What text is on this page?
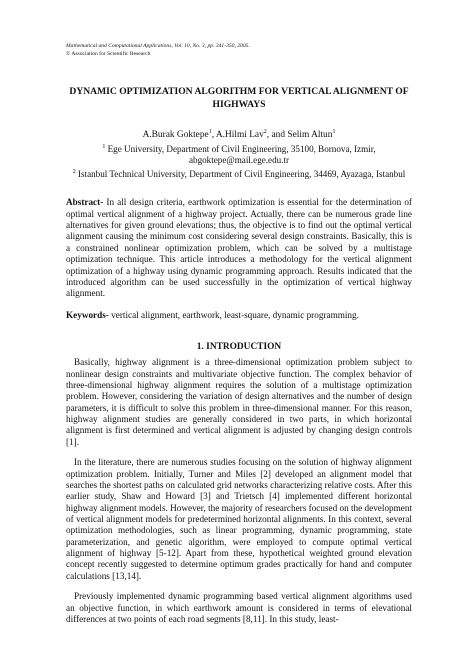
Mathematical and Computational Applications, Vol. 10, No. 3, pp. 341-350, 2005.
© Association for Scientific Research
DYNAMIC OPTIMIZATION ALGORITHM FOR VERTICAL ALIGNMENT OF HIGHWAYS
A.Burak Goktepe$^1$, A.Hilmi Lav$^2$, and Selim Altun$^1$
$^1$ Ege University, Department of Civil Engineering, 35100, Bornova, Izmir, abgoktepe@mail.ege.edu.tr
$^2$ Istanbul Technical University, Department of Civil Engineering, 34469, Ayazaga, Istanbul
Abstract- In all design criteria, earthwork optimization is essential for the determination of optimal vertical alignment of a highway project. Actually, there can be numerous grade line alternatives for given ground elevations; thus, the objective is to find out the optimal vertical alignment causing the minimum cost considering several design constraints. Basically, this is a constrained nonlinear optimization problem, which can be solved by a multistage optimization technique. This article introduces a methodology for the vertical alignment optimization of a highway using dynamic programming approach. Results indicated that the introduced algorithm can be used successfully in the optimization of vertical highway alignment.
Keywords- vertical alignment, earthwork, least-square, dynamic programming.
1. INTRODUCTION

Basically, highway alignment is a three-dimensional optimization problem subject to nonlinear design constraints and multivariate objective function. The complex behavior of three-dimensional highway alignment requires the solution of a multistage optimization problem. However, considering the variation of design alternatives and the number of design parameters, it is difficult to solve this problem in three-dimensional manner. For this reason, highway alignment studies are generally considered in two parts, in which horizontal alignment is first determined and vertical alignment is adjusted by changing design controls [1].

In the literature, there are numerous studies focusing on the solution of highway alignment optimization problem. Initially, Turner and Miles [2] developed an alignment model that searches the shortest paths on calculated grid networks characterizing relative costs. After this earlier study, Shaw and Howard [3] and Trietsch [4] implemented different horizontal highway alignment models. However, the majority of researchers focused on the development of vertical alignment models for predetermined horizontal alignments. In this context, several optimization methodologies, such as linear programming, dynamic programming, state parameterization, and genetic algorithm, were employed to compute optimal vertical alignment of highway [5-12]. Apart from these, hypothetical weighted ground elevation concept recently suggested to determine optimum grades practically for hand and computer calculations [13,14].

Previously implemented dynamic programming based vertical alignment algorithms used an objective function, in which earthwork amount is considered in terms of elevational differences at two points of each road segments [8,11]. In this study, least-
